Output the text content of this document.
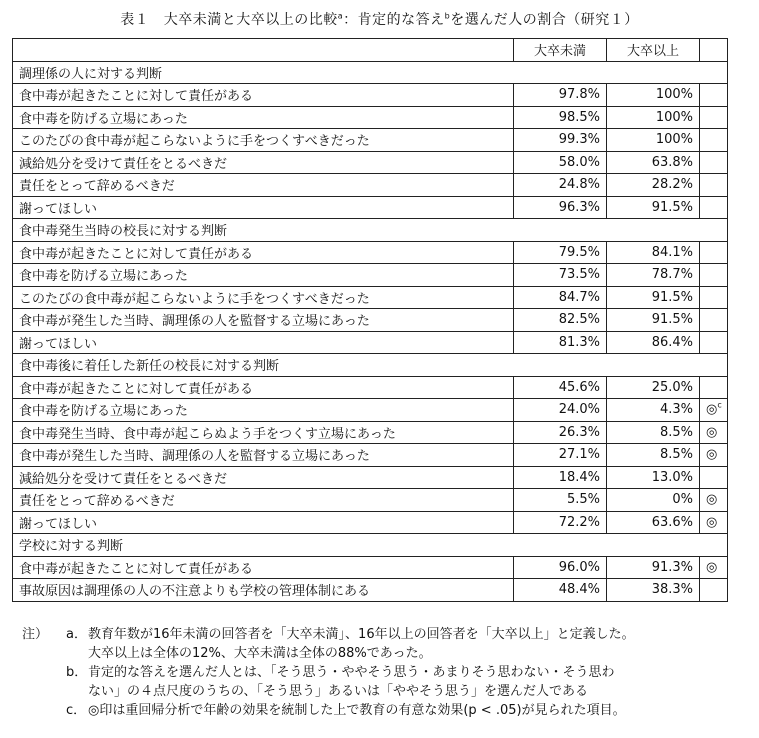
表１　大卒未満と大卒以上の比較$^a$：肯定的な答え$^b$を選んだ人の割合（研究１）
	大卒未満	大卒以上	
調理係の人に対する判断			
食中毒が起きたことに対して責任がある	97.8%	100%	
食中毒を防げる立場にあった	98.5%	100%	
このたびの食中毒が起こらないように手をつくすべきだった	99.3%	100%	
減給処分を受けて責任をとるべきだ	58.0%	63.8%	
責任をとって辞めるべきだ	24.8%	28.2%	
謝ってほしい	96.3%	91.5%	
食中毒発生当時の校長に対する判断			
食中毒が起きたことに対して責任がある	79.5%	84.1%	
食中毒を防げる立場にあった	73.5%	78.7%	
このたびの食中毒が起こらないように手をつくすべきだった	84.7%	91.5%	
食中毒が発生した当時、調理係の人を監督する立場にあった	82.5%	91.5%	
謝ってほしい	81.3%	86.4%	
食中毒後に着任した新任の校長に対する判断			
食中毒が起きたことに対して責任がある	45.6%	25.0%	
食中毒を防げる立場にあった	24.0%	4.3%	◎$^c$
食中毒発生当時、食中毒が起こらぬよう手をつくす立場にあった	26.3%	8.5%	◎
食中毒が発生した当時、調理係の人を監督する立場にあった	27.1%	8.5%	◎
減給処分を受けて責任をとるべきだ	18.4%	13.0%	
責任をとって辞めるべきだ	5.5%	0%	◎
謝ってほしい	72.2%	63.6%	◎
学校に対する判断			
食中毒が起きたことに対して責任がある	96.0%	91.3%	◎
事故原因は調理係の人の不注意よりも学校の管理体制にある	48.4%	38.3%	
注） a．教育年数が16年未満の回答者を「大卒未満」、16年以上の回答者を「大卒以上」と定義した。
大卒以上は全体の12%、大卒未満は全体の88%であった。
b．肯定的な答えを選んだ人とは、「そう思う・ややそう思う・あまりそう思わない・そう思わ
ない」の４点尺度のうちの、「そう思う」あるいは「ややそう思う」を選んだ人である
c． ◎印は重回帰分析で年齢の効果を統制した上で教育の有意な効果(p < .05)が見られた項目。
